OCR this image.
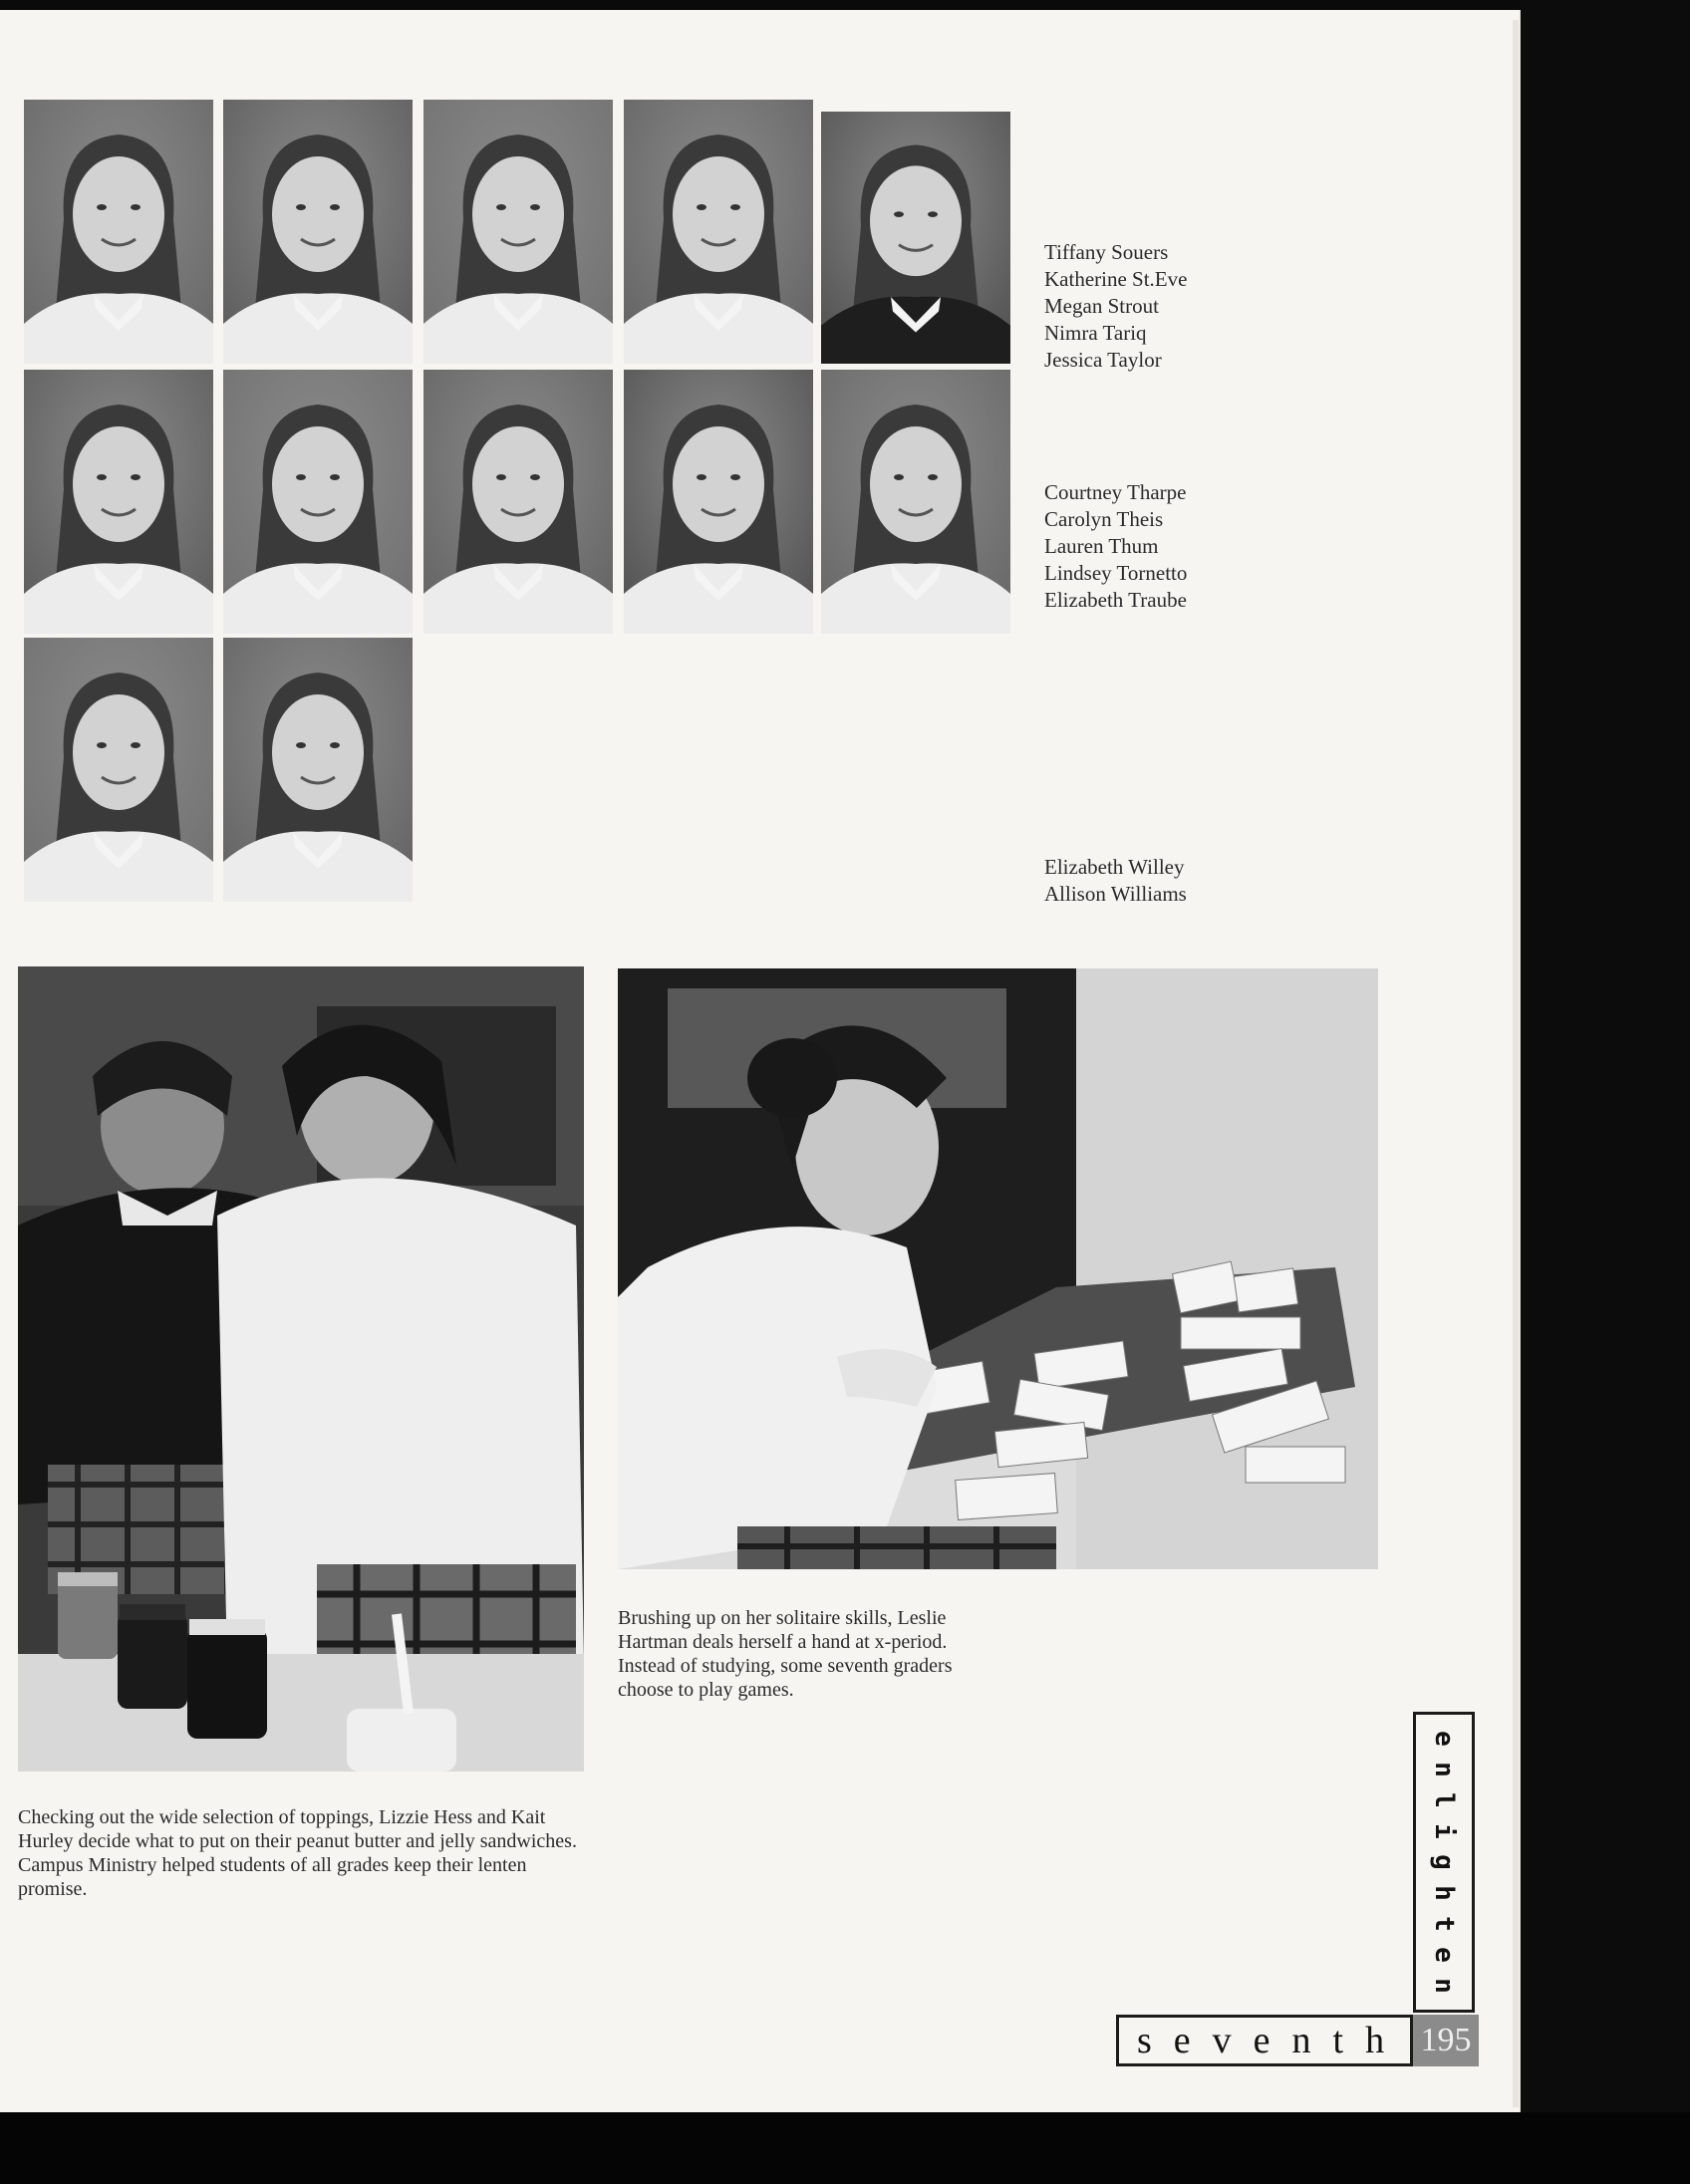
Tiffany Souers
Katherine St.Eve
Megan Strout
Nimra Tariq
Jessica Taylor
Courtney Tharpe
Carolyn Theis
Lauren Thum
Lindsey Tornetto
Elizabeth Traube
Elizabeth Willey
Allison Williams
Checking out the wide selection of toppings, Lizzie Hess and Kait Hurley decide what to put on their peanut butter and jelly sandwiches. Campus Ministry helped students of all grades keep their lenten promise.
Brushing up on her solitaire skills, Leslie Hartman deals herself a hand at x-period. Instead of studying, some seventh graders choose to play games.
e
n
l
i
g
h
t
e
n
seventh 195
